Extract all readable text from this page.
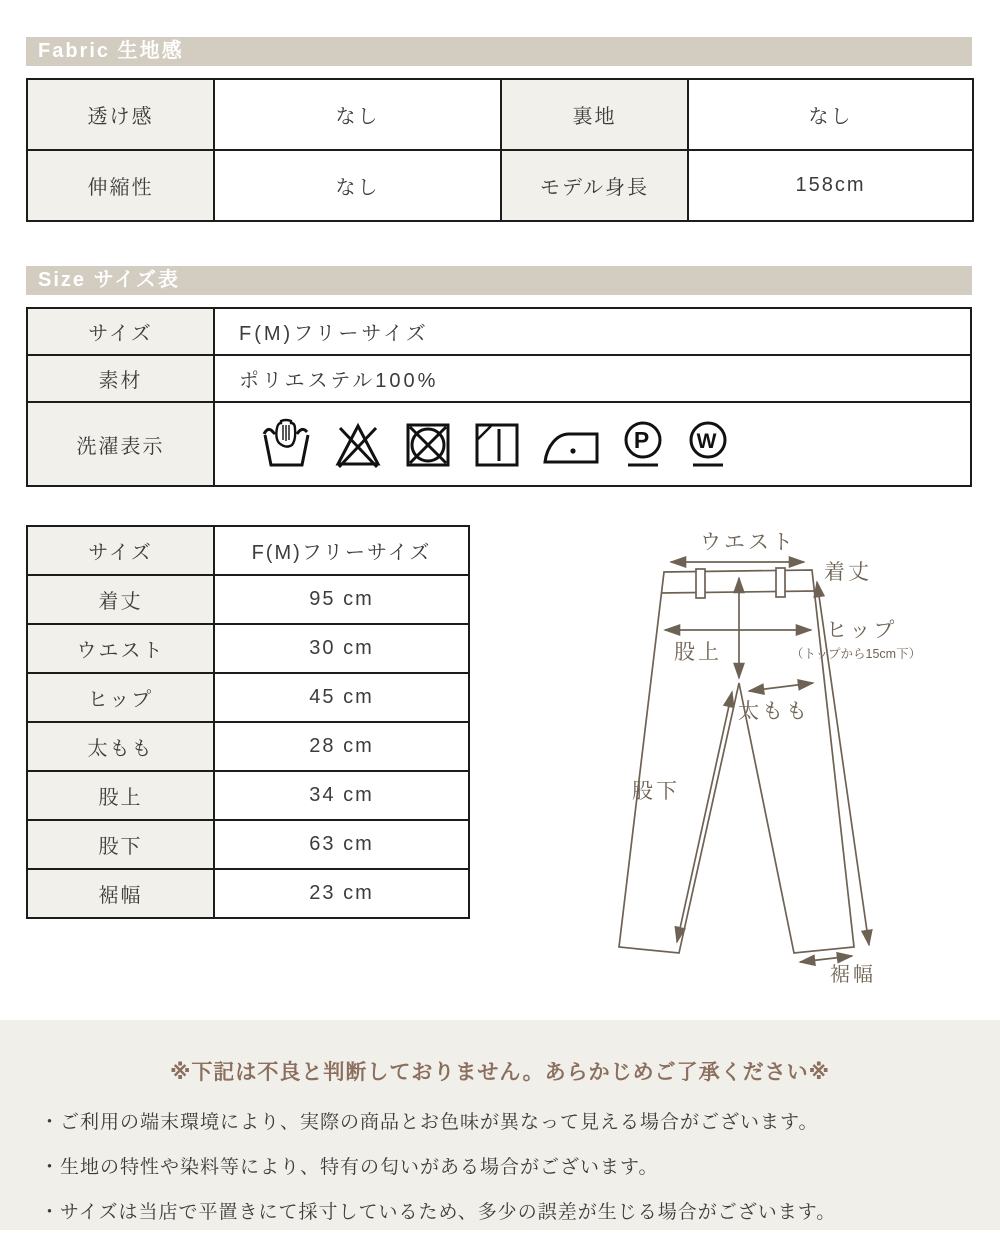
Fabric 生地感
透け感	なし	裏地	なし
伸縮性	なし	モデル身長	158cm
Size サイズ表
サイズ	F(M)フリーサイズ
素材	ポリエステル100%
洗濯表示	P W
サイズ	F(M)フリーサイズ
着丈	95 cm
ウエスト	30 cm
ヒップ	45 cm
太もも	28 cm
股上	34 cm
股下	63 cm
裾幅	23 cm
ウエスト
着丈
ヒップ
（トップから15cm下）
股上
太もも
股下
裾幅
※下記は不良と判断しておりません。あらかじめご了承ください※
・ご利用の端末環境により、実際の商品とお色味が異なって見える場合がございます。
・生地の特性や染料等により、特有の匂いがある場合がございます。
・サイズは当店で平置きにて採寸しているため、多少の誤差が生じる場合がございます。
